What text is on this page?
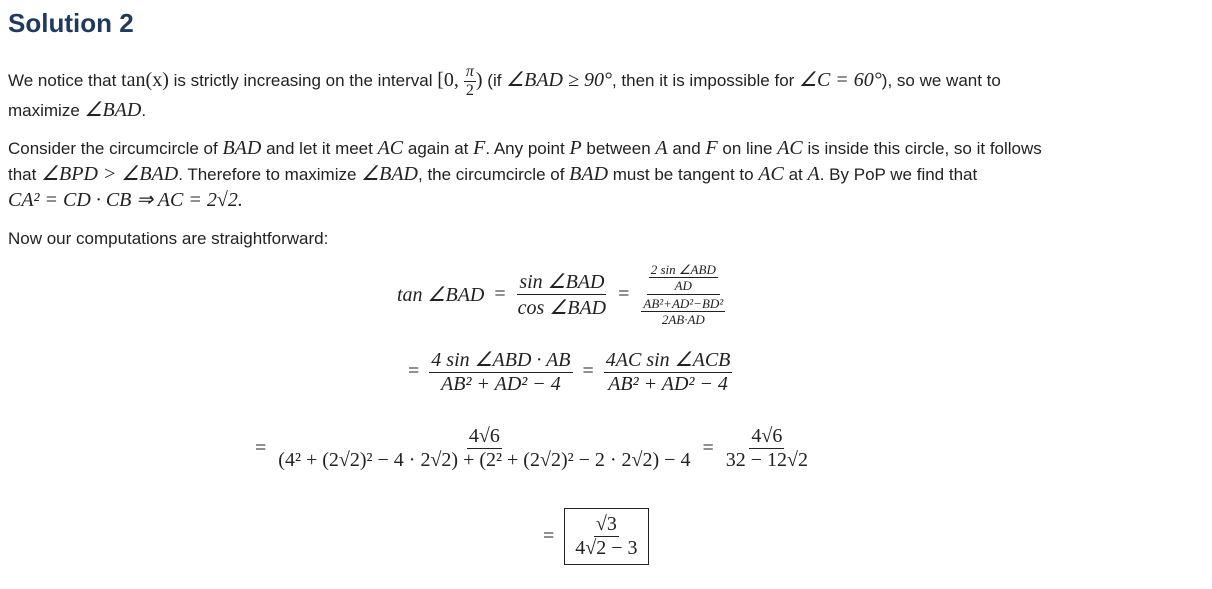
Solution 2
We notice that tan(x) is strictly increasing on the interval [0, $\frac{\pi}{2}$ ) (if ∠BAD ≥ 90°, then it is impossible for ∠C = 60°), so we want to
maximize ∠BAD.
Consider the circumcircle of BAD and let it meet AC again at F. Any point P between A and F on line AC is inside this circle, so it follows
that ∠BPD > ∠BAD. Therefore to maximize ∠BAD, the circumcircle of BAD must be tangent to AC at A. By PoP we find that
CA² = CD · CB ⇒ AC = 2√2.
Now our computations are straightforward:
tan ∠BAD = $\frac{\text{sin ∠BAD}}{\text{cos ∠BAD}} = \frac{\frac{\text{2 sin ∠ABD}}{AD}}{\frac{\text{AB²+AD²−BD²}}{2AB\cdot AD}}$
= $\frac{\text{4 sin ∠ABD · AB}}{\text{AB² + AD² − 4}} = \frac{\text{4AC sin ∠ACB}}{\text{AB² + AD² − 4}}$
= $\frac{4√6}{\text{(4² + (2√2)² − 4 · 2√2) + (2² + (2√2)² − 2 · 2√2) − 4}} = \frac{4√6}{32 - 12√2}$
= $\frac{√3}{4√2 - 3}$
